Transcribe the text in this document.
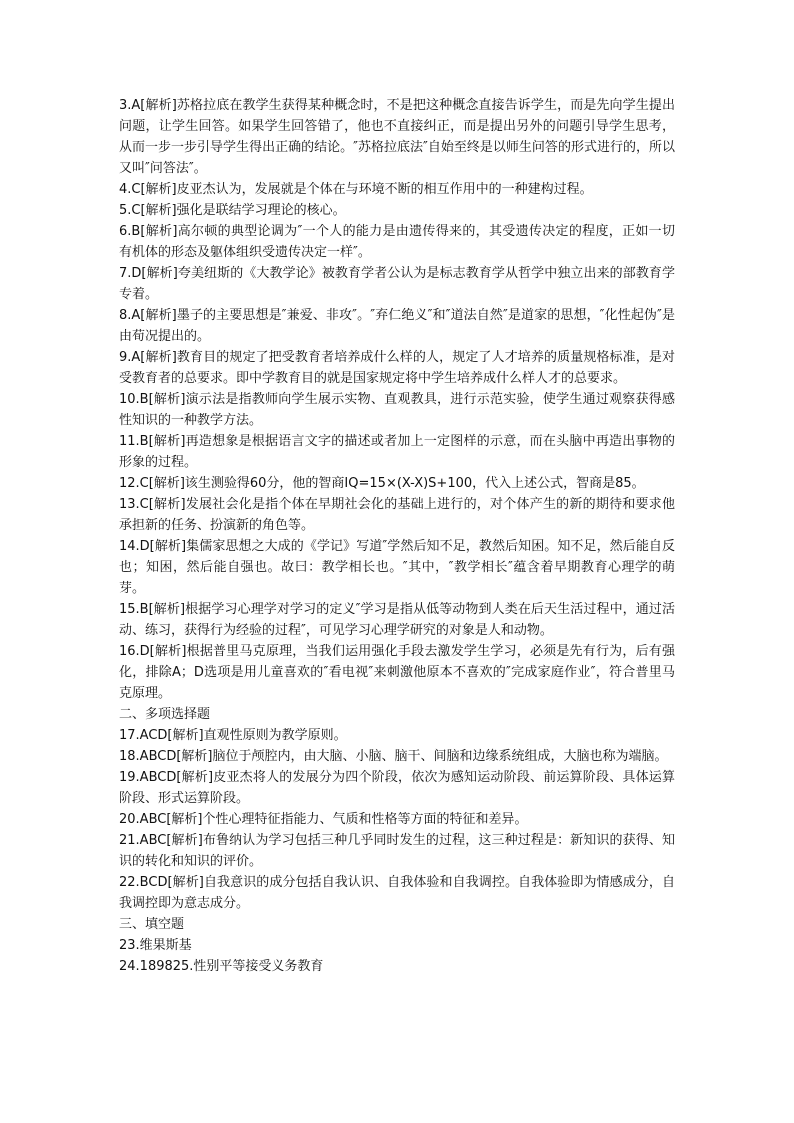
3.A[解析]苏格拉底在教学生获得某种概念时，不是把这种概念直接告诉学生，而是先向学生提出问题，让学生回答。如果学生回答错了，他也不直接纠正，而是提出另外的问题引导学生思考，从而一步一步引导学生得出正确的结论。″苏格拉底法″自始至终是以师生问答的形式进行的，所以又叫″问答法″。

4.C[解析]皮亚杰认为，发展就是个体在与环境不断的相互作用中的一种建构过程。

5.C[解析]强化是联结学习理论的核心。

6.B[解析]高尔顿的典型论调为″一个人的能力是由遗传得来的，其受遗传决定的程度，正如一切有机体的形态及躯体组织受遗传决定一样″。

7.D[解析]夸美纽斯的《大教学论》被教育学者公认为是标志教育学从哲学中独立出来的部教育学专着。

8.A[解析]墨子的主要思想是″兼爱、非攻″。″弃仁绝义″和″道法自然″是道家的思想，″化性起伪″是由荀况提出的。

9.A[解析]教育目的规定了把受教育者培养成什么样的人，规定了人才培养的质量规格标准，是对受教育者的总要求。即中学教育目的就是国家规定将中学生培养成什么样人才的总要求。

10.B[解析]演示法是指教师向学生展示实物、直观教具，进行示范实验，使学生通过观察获得感性知识的一种教学方法。

11.B[解析]再造想象是根据语言文字的描述或者加上一定图样的示意，而在头脑中再造出事物的形象的过程。

12.C[解析]该生测验得60分，他的智商IQ=15×(X-X)S+100，代入上述公式，智商是85。

13.C[解析]发展社会化是指个体在早期社会化的基础上进行的，对个体产生的新的期待和要求他承担新的任务、扮演新的角色等。

14.D[解析]集儒家思想之大成的《学记》写道″学然后知不足，教然后知困。知不足，然后能自反也；知困，然后能自强也。故曰：教学相长也。″其中，″教学相长″蕴含着早期教育心理学的萌芽。

15.B[解析]根据学习心理学对学习的定义″学习是指从低等动物到人类在后天生活过程中，通过活动、练习，获得行为经验的过程″，可见学习心理学研究的对象是人和动物。

16.D[解析]根据普里马克原理，当我们运用强化手段去激发学生学习，必须是先有行为，后有强化，排除A；D选项是用儿童喜欢的″看电视″来刺激他原本不喜欢的″完成家庭作业″，符合普里马克原理。

二、多项选择题

17.ACD[解析]直观性原则为教学原则。

18.ABCD[解析]脑位于颅腔内，由大脑、小脑、脑干、间脑和边缘系统组成，大脑也称为端脑。

19.ABCD[解析]皮亚杰将人的发展分为四个阶段，依次为感知运动阶段、前运算阶段、具体运算阶段、形式运算阶段。

20.ABC[解析]个性心理特征指能力、气质和性格等方面的特征和差异。

21.ABC[解析]布鲁纳认为学习包括三种几乎同时发生的过程，这三种过程是：新知识的获得、知识的转化和知识的评价。

22.BCD[解析]自我意识的成分包括自我认识、自我体验和自我调控。自我体验即为情感成分，自我调控即为意志成分。

三、填空题

23.维果斯基

24.189825.性别平等接受义务教育
